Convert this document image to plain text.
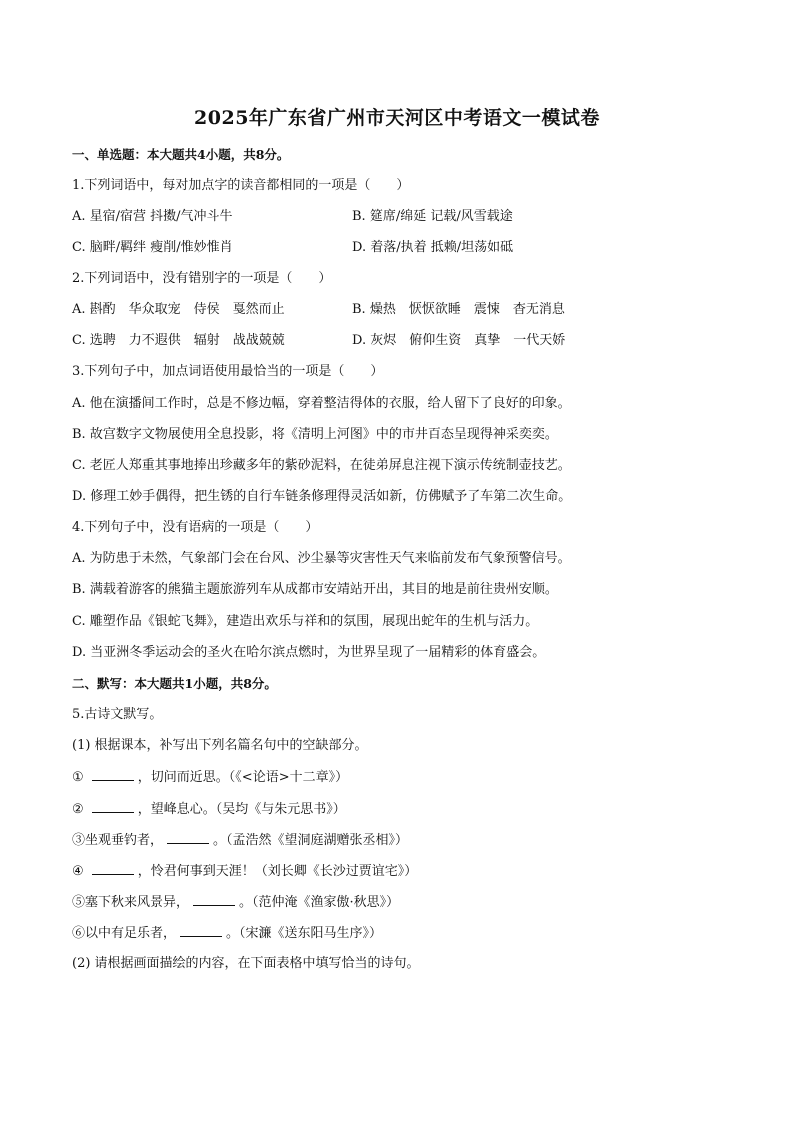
2025年广东省广州市天河区中考语文一模试卷
一、单选题：本大题共4小题，共8分。
1.下列词语中，每对加点字的读音都相同的一项是（　　）
A. 星宿/宿营 抖擞/气冲斗牛	B. 筵席/绵延 记载/风雪载途
C. 脑畔/羁绊 瘦削/惟妙惟肖	D. 着落/执着 抵赖/坦荡如砥
2.下列词语中，没有错别字的一项是（　　）
A. 斟酌　华众取宠　侍侯　戛然而止	B. 燥热　恹恹欲睡　震悚　杳无消息
C. 选聘　力不遐供　辐射　战战兢兢	D. 灰烬　俯仰生资　真挚　一代天娇
3.下列句子中，加点词语使用最恰当的一项是（　　）
A. 他在演播间工作时，总是不修边幅，穿着整洁得体的衣服，给人留下了良好的印象。
B. 故宫数字文物展使用全息投影，将《清明上河图》中的市井百态呈现得神采奕奕。
C. 老匠人郑重其事地捧出珍藏多年的紫砂泥料，在徒弟屏息注视下演示传统制壶技艺。
D. 修理工妙手偶得，把生锈的自行车链条修理得灵活如新，仿佛赋予了车第二次生命。
4.下列句子中，没有语病的一项是（　　）
A. 为防患于未然，气象部门会在台风、沙尘暴等灾害性天气来临前发布气象预警信号。
B. 满载着游客的熊猫主题旅游列车从成都市安靖站开出，其目的地是前往贵州安顺。
C. 雕塑作品《银蛇飞舞》，建造出欢乐与祥和的氛围，展现出蛇年的生机与活力。
D. 当亚洲冬季运动会的圣火在哈尔滨点燃时，为世界呈现了一届精彩的体育盛会。
二、默写：本大题共1小题，共8分。
5.古诗文默写。
(1) 根据课本，补写出下列名篇名句中的空缺部分。
①	，切问而近思。（《<论语>十二章》）
②	，望峰息心。（吴均《与朱元思书》）
③坐观垂钓者，	。（孟浩然《望洞庭湖赠张丞相》）
④	，怜君何事到天涯！（刘长卿《长沙过贾谊宅》）
⑤塞下秋来风景异，	。（范仲淹《渔家傲·秋思》）
⑥以中有足乐者，	。（宋濂《送东阳马生序》）
(2) 请根据画面描绘的内容，在下面表格中填写恰当的诗句。
